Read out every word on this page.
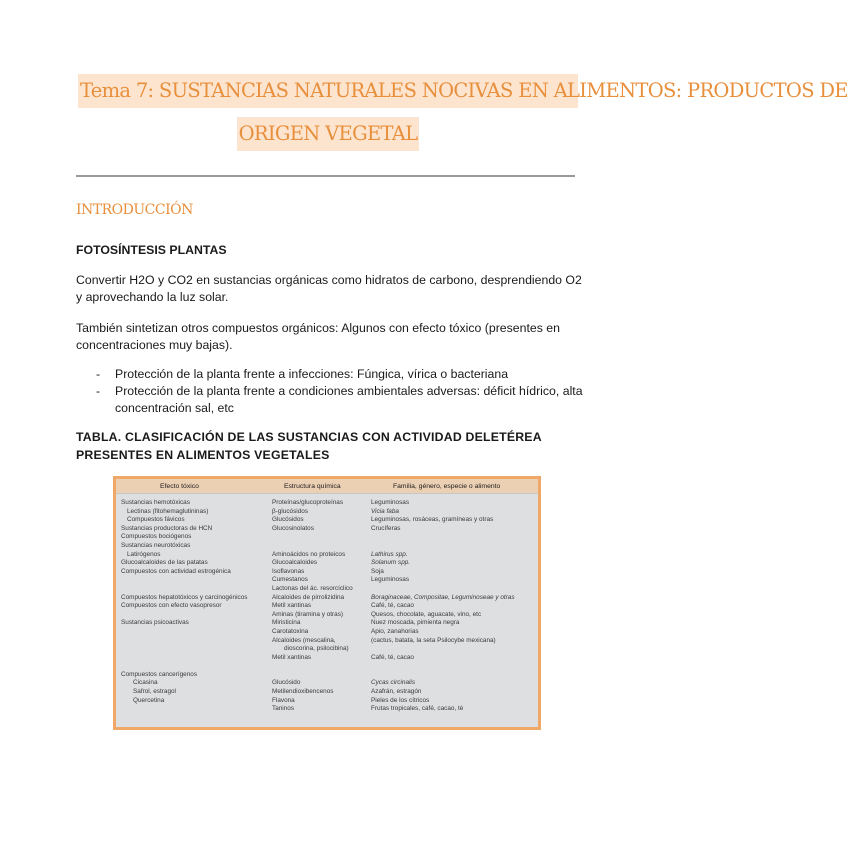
Tema 7: SUSTANCIAS NATURALES NOCIVAS EN ALIMENTOS: PRODUCTOS DE
ORIGEN VEGETAL
INTRODUCCIÓN
FOTOSÍNTESIS PLANTAS
Convertir H2O y CO2 en sustancias orgánicas como hidratos de carbono, desprendiendo O2 y aprovechando la luz solar.
También sintetizan otros compuestos orgánicos: Algunos con efecto tóxico (presentes en concentraciones muy bajas).
- Protección de la planta frente a infecciones: Fúngica, vírica o bacteriana
- Protección de la planta frente a condiciones ambientales adversas: déficit hídrico, alta concentración sal, etc
TABLA. CLASIFICACIÓN DE LAS SUSTANCIAS CON ACTIVIDAD DELETÉREA PRESENTES EN ALIMENTOS VEGETALES
Efecto tóxico	Estructura química	Familia, género, especie o alimento
Sustancias hemotóxicas
Lectinas (fitohemaglutininas)
Compuestos fávicos
Sustancias productoras de HCN
Compuestos bociógenos
Sustancias neurotóxicas
Latirógenos
Glucoalcaloides de las patatas
Compuestos con actividad estrogénica
Compuestos hepatotóxicos y carcinogénicos
Compuestos con efecto vasopresor
Sustancias psicoactivas
Compuestos cancerígenos
Cicasina
Safrol, estragol
Quercetina
Proteínas/glucoproteínas
β-glucósidos
Glucósidos
Glucosinolatos
Aminoácidos no proteicos
Glucoalcaloides
Isoflavonas
Cumestanos
Lactonas del ác. resorcíclico
Alcaloides de pirrolizidina
Metil xantinas
Aminas (tiramina y otras)
Miristicina
Carotatoxina
Alcaloides (mescalina,
dioscorina, psilocibina)
Metil xantinas
Glucósido
Metilendioxibencenos
Flavona
Taninos
Leguminosas
Vicia faba
Leguminosas, rosáceas, gramíneas y otras
Crucíferas
Lathirus spp.
Solanum spp.
Soja
Leguminosas
Boraginaceae, Compositae, Leguminoseae y otras
Café, té, cacao
Quesos, chocolate, aguacate, vino, etc
Nuez moscada, pimienta negra
Apio, zanahorias
(cactus, batata, la seta Psilocybe mexicana)
Café, té, cacao
Cycas circinalis
Azafrán, estragón
Pieles de los cítricos
Frutas tropicales, café, cacao, té
